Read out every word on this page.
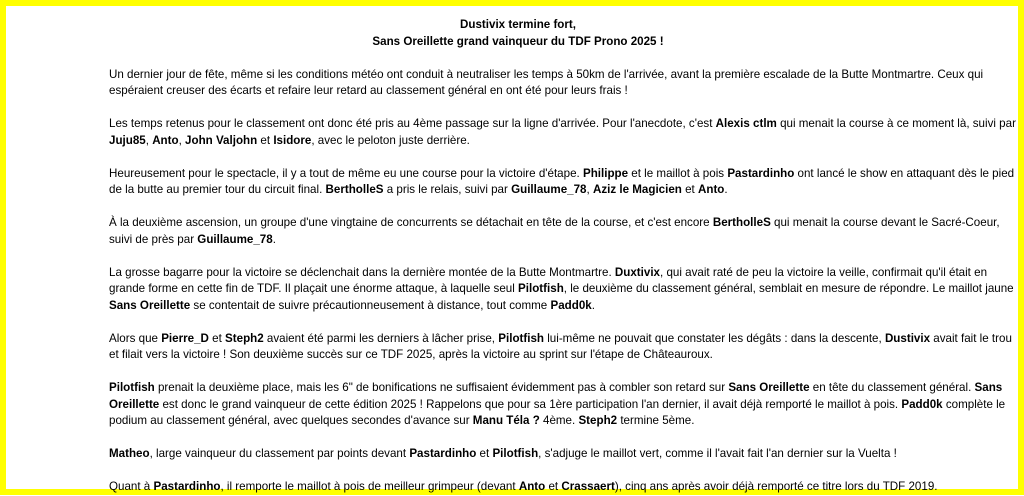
Dustivix termine fort,
Sans Oreillette grand vainqueur du TDF Prono 2025 !

Un dernier jour de fête, même si les conditions météo ont conduit à neutraliser les temps à 50km de l'arrivée, avant la première escalade de la Butte Montmartre. Ceux qui espéraient creuser des écarts et refaire leur retard au classement général en ont été pour leurs frais !

Les temps retenus pour le classement ont donc été pris au 4ème passage sur la ligne d'arrivée. Pour l'anecdote, c'est Alexis ctlm qui menait la course à ce moment là, suivi par Juju85, Anto, John Valjohn et Isidore, avec le peloton juste derrière.

Heureusement pour le spectacle, il y a tout de même eu une course pour la victoire d'étape. Philippe et le maillot à pois Pastardinho ont lancé le show en attaquant dès le pied de la butte au premier tour du circuit final. BertholleS a pris le relais, suivi par Guillaume_78, Aziz le Magicien et Anto.

À la deuxième ascension, un groupe d'une vingtaine de concurrents se détachait en tête de la course, et c'est encore BertholleS qui menait la course devant le Sacré-Coeur, suivi de près par Guillaume_78.

La grosse bagarre pour la victoire se déclenchait dans la dernière montée de la Butte Montmartre. Duxtivix, qui avait raté de peu la victoire la veille, confirmait qu'il était en grande forme en cette fin de TDF. Il plaçait une énorme attaque, à laquelle seul Pilotfish, le deuxième du classement général, semblait en mesure de répondre. Le maillot jaune Sans Oreillette se contentait de suivre précautionneusement à distance, tout comme Padd0k.

Alors que Pierre_D et Steph2 avaient été parmi les derniers à lâcher prise, Pilotfish lui-même ne pouvait que constater les dégâts : dans la descente, Dustivix avait fait le trou et filait vers la victoire ! Son deuxième succès sur ce TDF 2025, après la victoire au sprint sur l'étape de Châteauroux.

Pilotfish prenait la deuxième place, mais les 6" de bonifications ne suffisaient évidemment pas à combler son retard sur Sans Oreillette en tête du classement général. Sans Oreillette est donc le grand vainqueur de cette édition 2025 ! Rappelons que pour sa 1ère participation l'an dernier, il avait déjà remporté le maillot à pois. Padd0k complète le podium au classement général, avec quelques secondes d'avance sur Manu Téla ? 4ème. Steph2 termine 5ème.

Matheo, large vainqueur du classement par points devant Pastardinho et Pilotfish, s'adjuge le maillot vert, comme il l'avait fait l'an dernier sur la Vuelta !

Quant à Pastardinho, il remporte le maillot à pois de meilleur grimpeur (devant Anto et Crassaert), cinq ans après avoir déjà remporté ce titre lors du TDF 2019.
